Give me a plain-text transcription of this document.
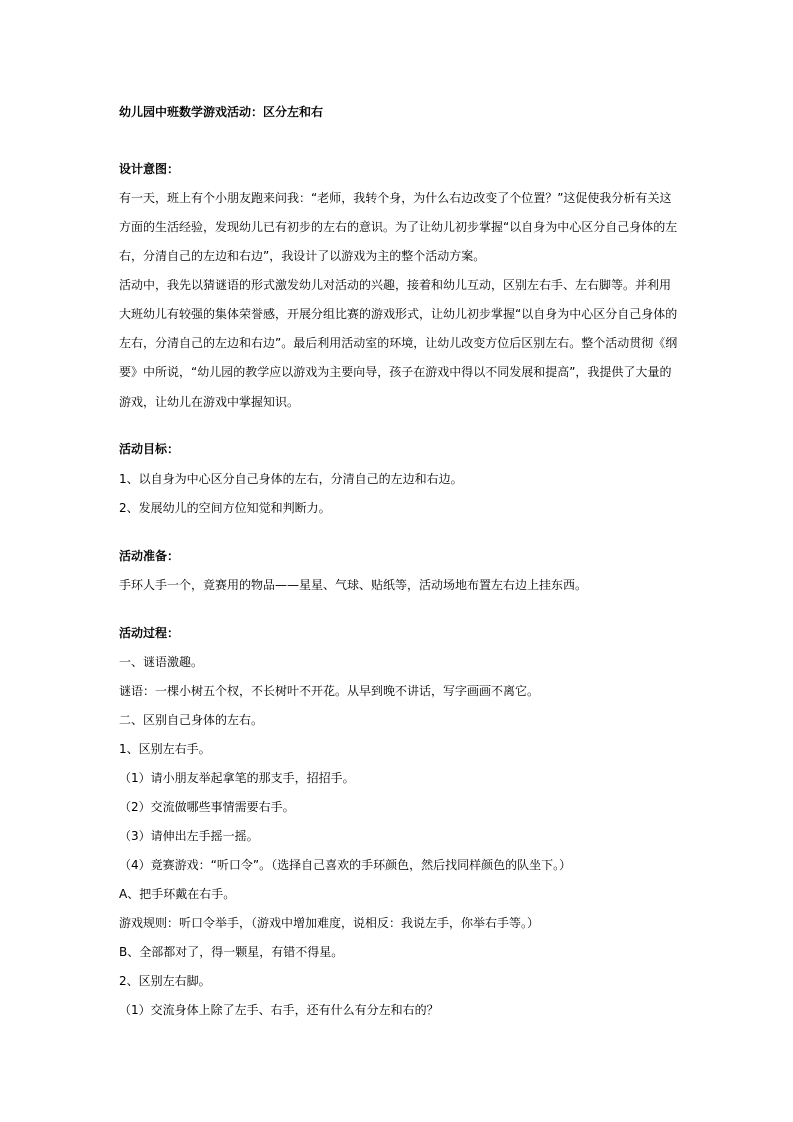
幼儿园中班数学游戏活动：区分左和右
设计意图：
有一天，班上有个小朋友跑来问我：“老师，我转个身，为什么右边改变了个位置？”这促使我分析有关这
方面的生活经验，发现幼儿已有初步的左右的意识。为了让幼儿初步掌握“以自身为中心区分自己身体的左
右，分清自己的左边和右边”，我设计了以游戏为主的整个活动方案。
活动中，我先以猜谜语的形式激发幼儿对活动的兴趣，接着和幼儿互动，区别左右手、左右脚等。并利用
大班幼儿有较强的集体荣誉感，开展分组比赛的游戏形式，让幼儿初步掌握“以自身为中心区分自己身体的
左右，分清自己的左边和右边”。最后利用活动室的环境，让幼儿改变方位后区别左右。整个活动贯彻《纲
要》中所说，“幼儿园的教学应以游戏为主要向导，孩子在游戏中得以不同发展和提高”，我提供了大量的
游戏，让幼儿在游戏中掌握知识。
活动目标：
1、以自身为中心区分自己身体的左右，分清自己的左边和右边。
2、发展幼儿的空间方位知觉和判断力。
活动准备：
手环人手一个，竟赛用的物品——星星、气球、贴纸等，活动场地布置左右边上挂东西。
活动过程：
一、谜语激趣。
谜语：一棵小树五个杈，不长树叶不开花。从早到晚不讲话，写字画画不离它。
二、区别自己身体的左右。
1、区别左右手。
（1）请小朋友举起拿笔的那支手，招招手。
（2）交流做哪些事情需要右手。
（3）请伸出左手摇一摇。
（4）竟赛游戏：“听口令”。（选择自己喜欢的手环颜色，然后找同样颜色的队坐下。）
A、把手环戴在右手。
游戏规则：听口令举手，（游戏中增加难度，说相反：我说左手，你举右手等。）
B、全部都对了，得一颗星，有错不得星。
2、区别左右脚。
（1）交流身体上除了左手、右手，还有什么有分左和右的？
